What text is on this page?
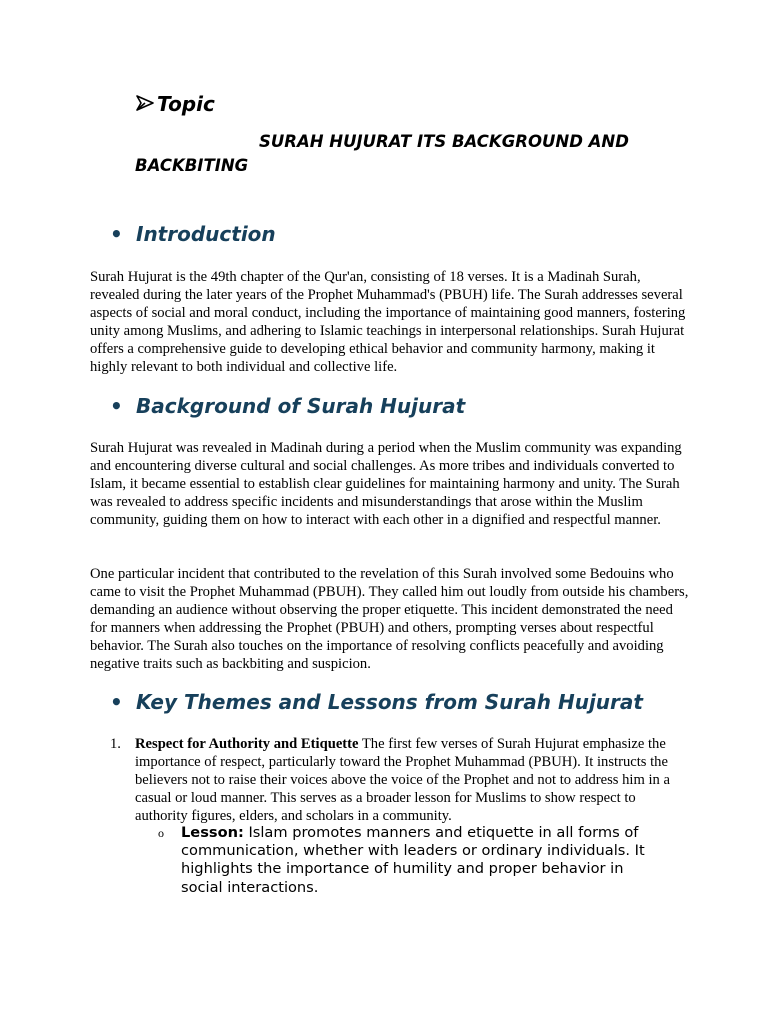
Topic
SURAH HUJURAT ITS BACKGROUND AND BACKBITING
• Introduction
Surah Hujurat is the 49th chapter of the Qur'an, consisting of 18 verses. It is a Madinah Surah, revealed during the later years of the Prophet Muhammad's (PBUH) life. The Surah addresses several aspects of social and moral conduct, including the importance of maintaining good manners, fostering unity among Muslims, and adhering to Islamic teachings in interpersonal relationships. Surah Hujurat offers a comprehensive guide to developing ethical behavior and community harmony, making it highly relevant to both individual and collective life.
• Background of Surah Hujurat
Surah Hujurat was revealed in Madinah during a period when the Muslim community was expanding and encountering diverse cultural and social challenges. As more tribes and individuals converted to Islam, it became essential to establish clear guidelines for maintaining harmony and unity. The Surah was revealed to address specific incidents and misunderstandings that arose within the Muslim community, guiding them on how to interact with each other in a dignified and respectful manner.
One particular incident that contributed to the revelation of this Surah involved some Bedouins who came to visit the Prophet Muhammad (PBUH). They called him out loudly from outside his chambers, demanding an audience without observing the proper etiquette. This incident demonstrated the need for manners when addressing the Prophet (PBUH) and others, prompting verses about respectful behavior. The Surah also touches on the importance of resolving conflicts peacefully and avoiding negative traits such as backbiting and suspicion.
• Key Themes and Lessons from Surah Hujurat
1. Respect for Authority and Etiquette The first few verses of Surah Hujurat emphasize the importance of respect, particularly toward the Prophet Muhammad (PBUH). It instructs the believers not to raise their voices above the voice of the Prophet and not to address him in a casual or loud manner. This serves as a broader lesson for Muslims to show respect to authority figures, elders, and scholars in a community.
o Lesson: Islam promotes manners and etiquette in all forms of communication, whether with leaders or ordinary individuals. It highlights the importance of humility and proper behavior in social interactions.
